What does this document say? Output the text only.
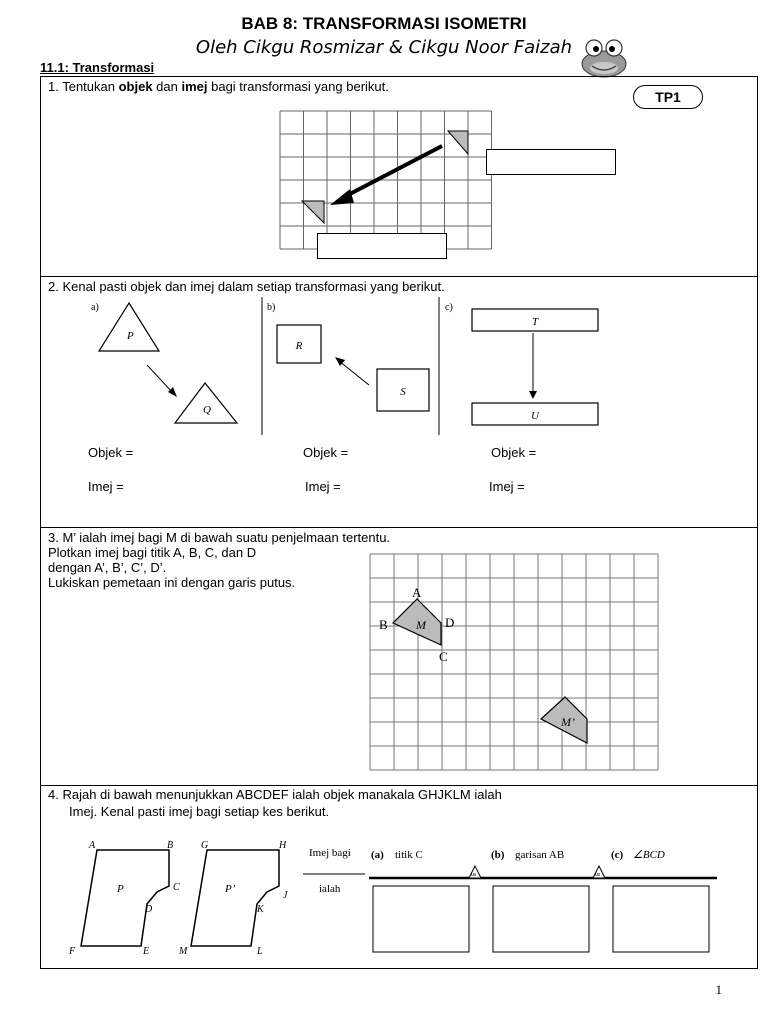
BAB 8: TRANSFORMASI ISOMETRI
Oleh Cikgu Rosmizar & Cikgu Noor Faizah
11.1: Transformasi
1. Tentukan objek dan imej bagi transformasi yang berikut.
TP1
2. Kenal pasti objek dan imej dalam setiap transformasi yang berikut.
a)	b)	c)
P
Q
R
S
T
U
Objek =	Objek =	Objek =
Imej =	Imej =	Imej =
3. M’ ialah imej bagi M di bawah suatu penjelmaan tertentu.
Plotkan imej bagi titik A, B, C, dan D
dengan A’, B’, C’, D’.
Lukiskan pemetaan ini dengan garis putus.
A
B
C
D
M
M’
4. Rajah di bawah menunjukkan ABCDEF ialah objek manakala GHJKLM ialah
Imej. Kenal pasti imej bagi setiap kes berikut.
A	B
C
D
E
F
P
G	H
J
K
L
M
P’
Imej bagi
ialah
(a) titik C	(b) garisan AB	(c) ∠BCD
us	us
1
